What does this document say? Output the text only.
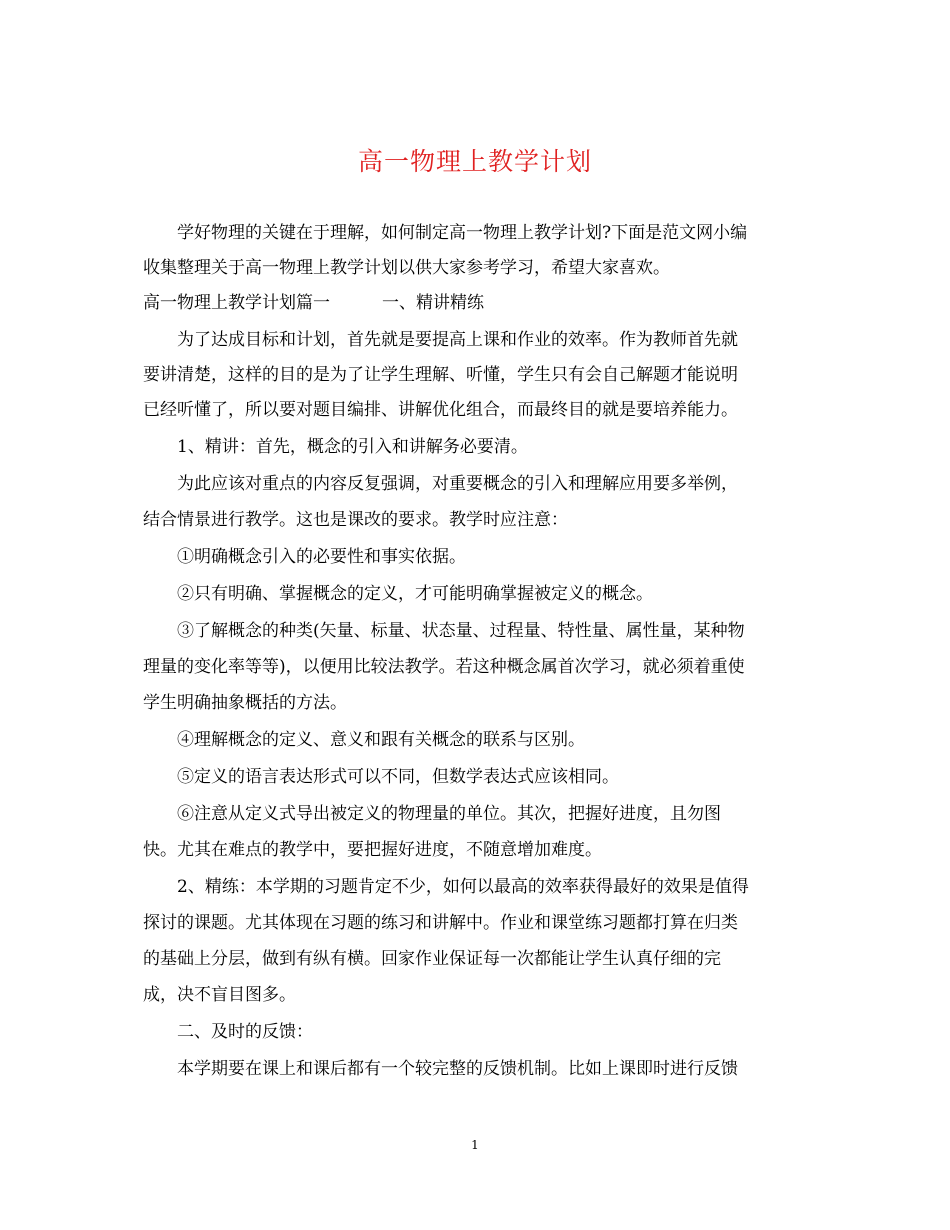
高一物理上教学计划
学好物理的关键在于理解，如何制定高一物理上教学计划?下面是范文网小编
收集整理关于高一物理上教学计划以供大家参考学习，希望大家喜欢。
高一物理上教学计划篇一	一、精讲精练
为了达成目标和计划，首先就是要提高上课和作业的效率。作为教师首先就
要讲清楚，这样的目的是为了让学生理解、听懂，学生只有会自己解题才能说明
已经听懂了，所以要对题目编排、讲解优化组合，而最终目的就是要培养能力。
1、精讲：首先，概念的引入和讲解务必要清。
为此应该对重点的内容反复强调，对重要概念的引入和理解应用要多举例，
结合情景进行教学。这也是课改的要求。教学时应注意：
①明确概念引入的必要性和事实依据。
②只有明确、掌握概念的定义，才可能明确掌握被定义的概念。
③了解概念的种类(矢量、标量、状态量、过程量、特性量、属性量，某种物
理量的变化率等等)，以便用比较法教学。若这种概念属首次学习，就必须着重使
学生明确抽象概括的方法。
④理解概念的定义、意义和跟有关概念的联系与区别。
⑤定义的语言表达形式可以不同，但数学表达式应该相同。
⑥注意从定义式导出被定义的物理量的单位。其次，把握好进度，且勿图
快。尤其在难点的教学中，要把握好进度，不随意增加难度。
2、精练：本学期的习题肯定不少，如何以最高的效率获得最好的效果是值得
探讨的课题。尤其体现在习题的练习和讲解中。作业和课堂练习题都打算在归类
的基础上分层，做到有纵有横。回家作业保证每一次都能让学生认真仔细的完
成，决不盲目图多。
二、及时的反馈：
本学期要在课上和课后都有一个较完整的反馈机制。比如上课即时进行反馈
1
